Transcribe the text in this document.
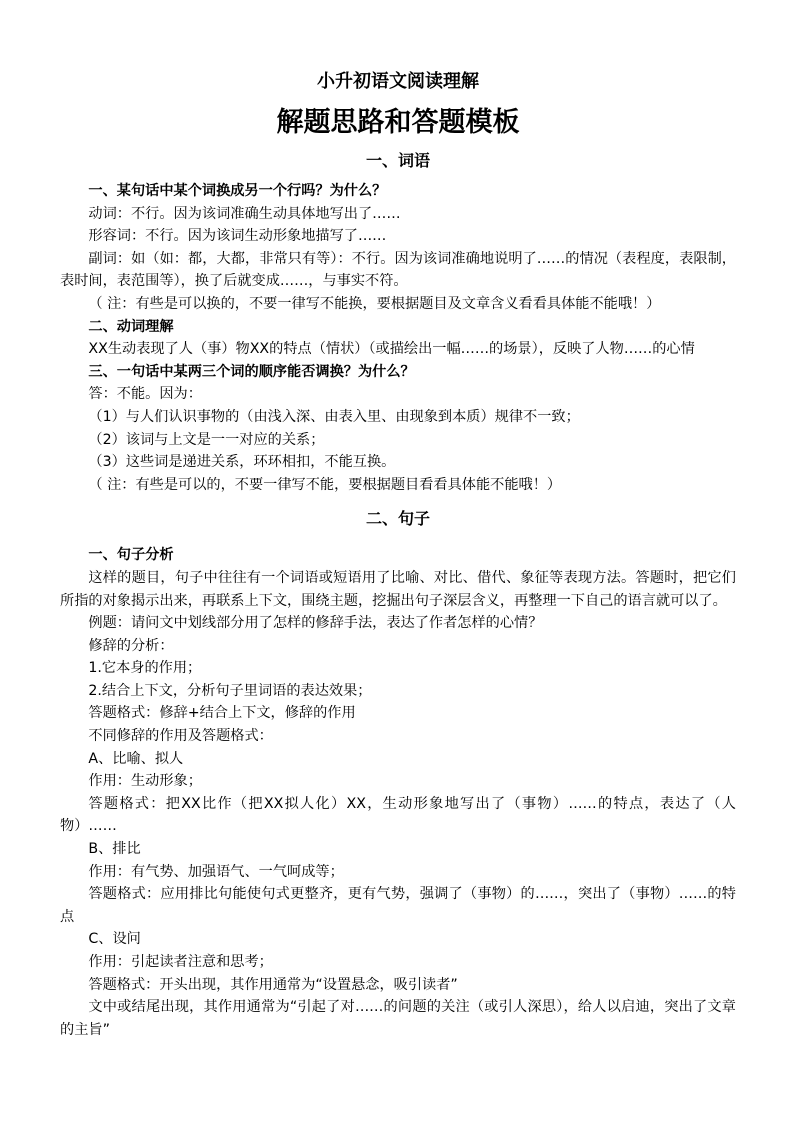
小升初语文阅读理解
解题思路和答题模板
一、词语

一、某句话中某个词换成另一个行吗？为什么？

动词：不行。因为该词准确生动具体地写出了……

形容词：不行。因为该词生动形象地描写了……

副词：如（如：都，大都，非常只有等）：不行。因为该词准确地说明了……的情况（表程度，表限制，表时间，表范围等），换了后就变成……，与事实不符。

（ 注：有些是可以换的，不要一律写不能换，要根据题目及文章含义看看具体能不能哦！）

二、动词理解

XX生动表现了人（事）物XX的特点（情状）（或描绘出一幅……的场景），反映了人物……的心情

三、一句话中某两三个词的顺序能否调换？为什么？

答：不能。因为：

（1）与人们认识事物的（由浅入深、由表入里、由现象到本质）规律不一致；

（2）该词与上文是一一对应的关系；

（3）这些词是递进关系，环环相扣，不能互换。

（ 注：有些是可以的，不要一律写不能，要根据题目看看具体能不能哦！）

二、句子

一、句子分析

这样的题目，句子中往往有一个词语或短语用了比喻、对比、借代、象征等表现方法。答题时，把它们所指的对象揭示出来，再联系上下文，围绕主题，挖掘出句子深层含义，再整理一下自己的语言就可以了。

例题：请问文中划线部分用了怎样的修辞手法，表达了作者怎样的心情？

修辞的分析：

1.它本身的作用；

2.结合上下文，分析句子里词语的表达效果；

答题格式：修辞+结合上下文，修辞的作用

不同修辞的作用及答题格式：

A、比喻、拟人

作用：生动形象；

答题格式：把XX比作（把XX拟人化）XX，生动形象地写出了（事物）……的特点，表达了（人物）……

B、排比

作用：有气势、加强语气、一气呵成等；

答题格式：应用排比句能使句式更整齐，更有气势，强调了（事物）的……，突出了（事物）……的特点

C、设问

作用：引起读者注意和思考；

答题格式：开头出现，其作用通常为“设置悬念，吸引读者”

文中或结尾出现，其作用通常为“引起了对……的问题的关注（或引人深思），给人以启迪，突出了文章的主旨”
